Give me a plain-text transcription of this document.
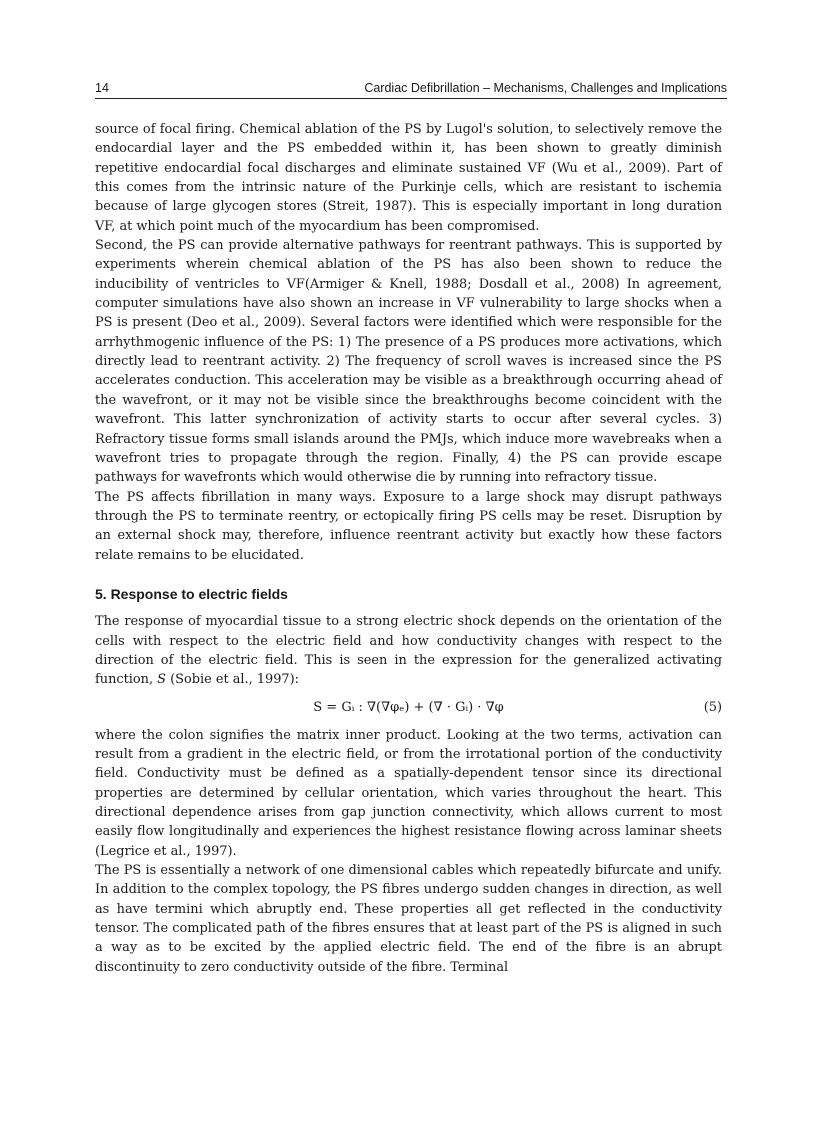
14	Cardiac Defibrillation – Mechanisms, Challenges and Implications

source of focal firing. Chemical ablation of the PS by Lugol's solution, to selectively remove the endocardial layer and the PS embedded within it, has been shown to greatly diminish repetitive endocardial focal discharges and eliminate sustained VF (Wu et al., 2009). Part of this comes from the intrinsic nature of the Purkinje cells, which are resistant to ischemia because of large glycogen stores (Streit, 1987). This is especially important in long duration VF, at which point much of the myocardium has been compromised.

Second, the PS can provide alternative pathways for reentrant pathways. This is supported by experiments wherein chemical ablation of the PS has also been shown to reduce the inducibility of ventricles to VF(Armiger & Knell, 1988; Dosdall et al., 2008) In agreement, computer simulations have also shown an increase in VF vulnerability to large shocks when a PS is present (Deo et al., 2009). Several factors were identified which were responsible for the arrhythmogenic influence of the PS: 1) The presence of a PS produces more activations, which directly lead to reentrant activity. 2) The frequency of scroll waves is increased since the PS accelerates conduction. This acceleration may be visible as a breakthrough occurring ahead of the wavefront, or it may not be visible since the breakthroughs become coincident with the wavefront. This latter synchronization of activity starts to occur after several cycles. 3) Refractory tissue forms small islands around the PMJs, which induce more wavebreaks when a wavefront tries to propagate through the region. Finally, 4) the PS can provide escape pathways for wavefronts which would otherwise die by running into refractory tissue.

The PS affects fibrillation in many ways. Exposure to a large shock may disrupt pathways through the PS to terminate reentry, or ectopically firing PS cells may be reset. Disruption by an external shock may, therefore, influence reentrant activity but exactly how these factors relate remains to be elucidated.

5. Response to electric fields

The response of myocardial tissue to a strong electric shock depends on the orientation of the cells with respect to the electric field and how conductivity changes with respect to the direction of the electric field. This is seen in the expression for the generalized activating function, S (Sobie et al., 1997):

S = Gᵢ : ∇(∇φₑ) + (∇ · Gᵢ) · ∇φ	(5)

where the colon signifies the matrix inner product. Looking at the two terms, activation can result from a gradient in the electric field, or from the irrotational portion of the conductivity field. Conductivity must be defined as a spatially-dependent tensor since its directional properties are determined by cellular orientation, which varies throughout the heart. This directional dependence arises from gap junction connectivity, which allows current to most easily flow longitudinally and experiences the highest resistance flowing across laminar sheets (Legrice et al., 1997).

The PS is essentially a network of one dimensional cables which repeatedly bifurcate and unify. In addition to the complex topology, the PS fibres undergo sudden changes in direction, as well as have termini which abruptly end. These properties all get reflected in the conductivity tensor. The complicated path of the fibres ensures that at least part of the PS is aligned in such a way as to be excited by the applied electric field. The end of the fibre is an abrupt discontinuity to zero conductivity outside of the fibre. Terminal
